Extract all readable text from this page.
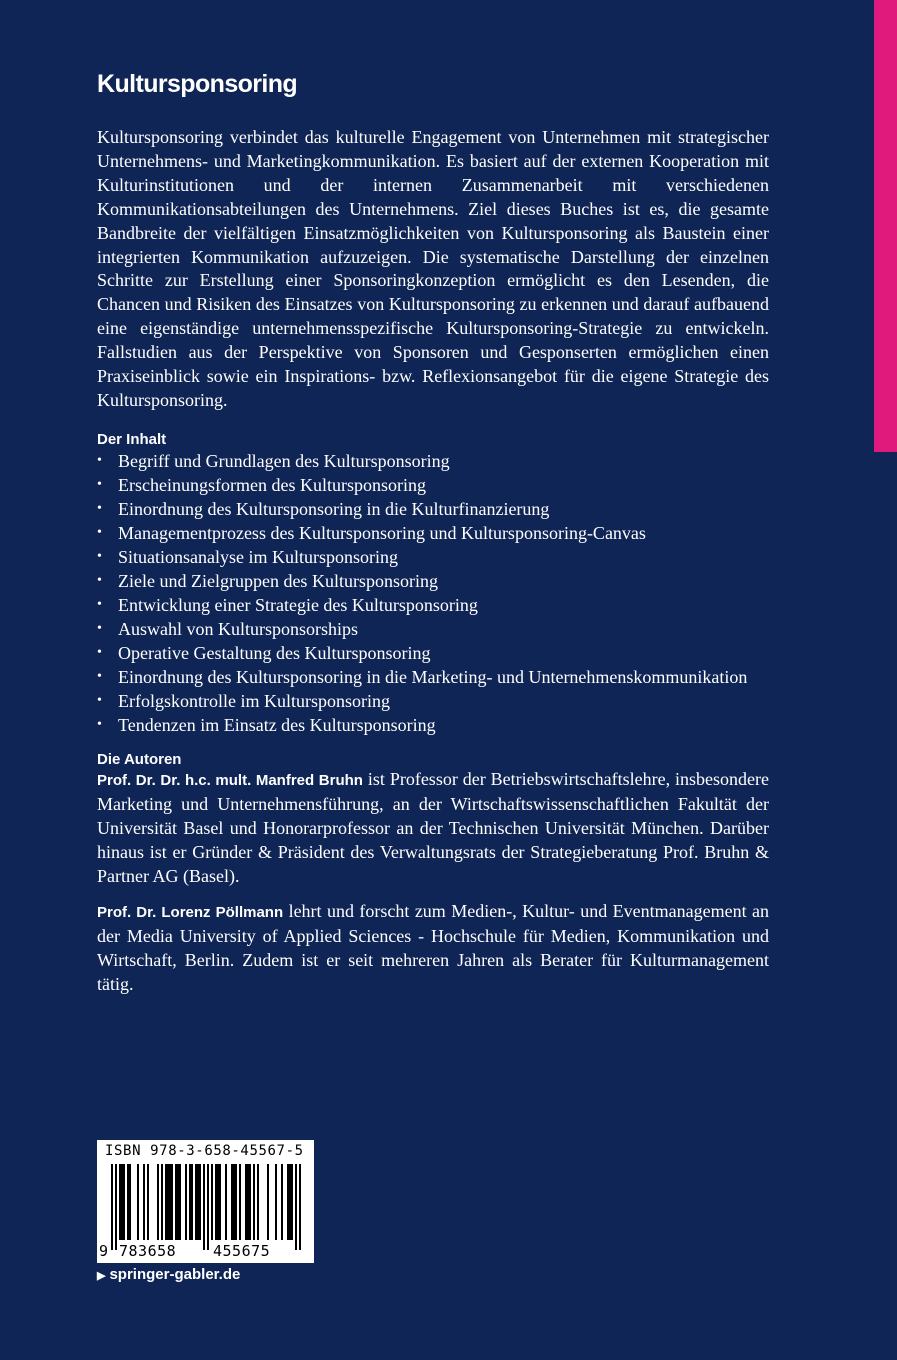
Kultursponsoring

Kultursponsoring verbindet das kulturelle Engagement von Unternehmen mit strategischer Unternehmens- und Marketingkommunikation. Es basiert auf der externen Kooperation mit Kulturinstitutionen und der internen Zusammenarbeit mit verschiedenen Kommunikationsabteilungen des Unternehmens. Ziel dieses Buches ist es, die gesamte Bandbreite der vielfältigen Einsatzmöglichkeiten von Kultursponsoring als Baustein einer integrierten Kommunikation aufzuzeigen. Die systematische Darstellung der einzelnen Schritte zur Erstellung einer Sponsoringkonzeption ermöglicht es den Lesenden, die Chancen und Risiken des Einsatzes von Kultursponsoring zu erkennen und darauf aufbauend eine eigenständige unternehmensspezifische Kultursponsoring-Strategie zu entwickeln. Fallstudien aus der Perspektive von Sponsoren und Gesponserten ermöglichen einen Praxiseinblick sowie ein Inspirations- bzw. Reflexionsangebot für die eigene Strategie des Kultursponsoring.

Der Inhalt
• Begriff und Grundlagen des Kultursponsoring
• Erscheinungsformen des Kultursponsoring
• Einordnung des Kultursponsoring in die Kulturfinanzierung
• Managementprozess des Kultursponsoring und Kultursponsoring-Canvas
• Situationsanalyse im Kultursponsoring
• Ziele und Zielgruppen des Kultursponsoring
• Entwicklung einer Strategie des Kultursponsoring
• Auswahl von Kultursponsorships
• Operative Gestaltung des Kultursponsoring
• Einordnung des Kultursponsoring in die Marketing- und Unternehmenskommunikation
• Erfolgskontrolle im Kultursponsoring
• Tendenzen im Einsatz des Kultursponsoring
Die Autoren

Prof. Dr. Dr. h.c. mult. Manfred Bruhn ist Professor der Betriebswirtschaftslehre, insbesondere Marketing und Unternehmensführung, an der Wirtschaftswissenschaftlichen Fakultät der Universität Basel und Honorarprofessor an der Technischen Universität München. Darüber hinaus ist er Gründer & Präsident des Verwaltungsrats der Strategieberatung Prof. Bruhn & Partner AG (Basel).

Prof. Dr. Lorenz Pöllmann lehrt und forscht zum Medien-, Kultur- und Eventmanagement an der Media University of Applied Sciences - Hochschule für Medien, Kommunikation und Wirtschaft, Berlin. Zudem ist er seit mehreren Jahren als Berater für Kulturmanagement tätig.

ISBN 978-3-658-45567-5
9 783658 455675
▶ springer-gabler.de
